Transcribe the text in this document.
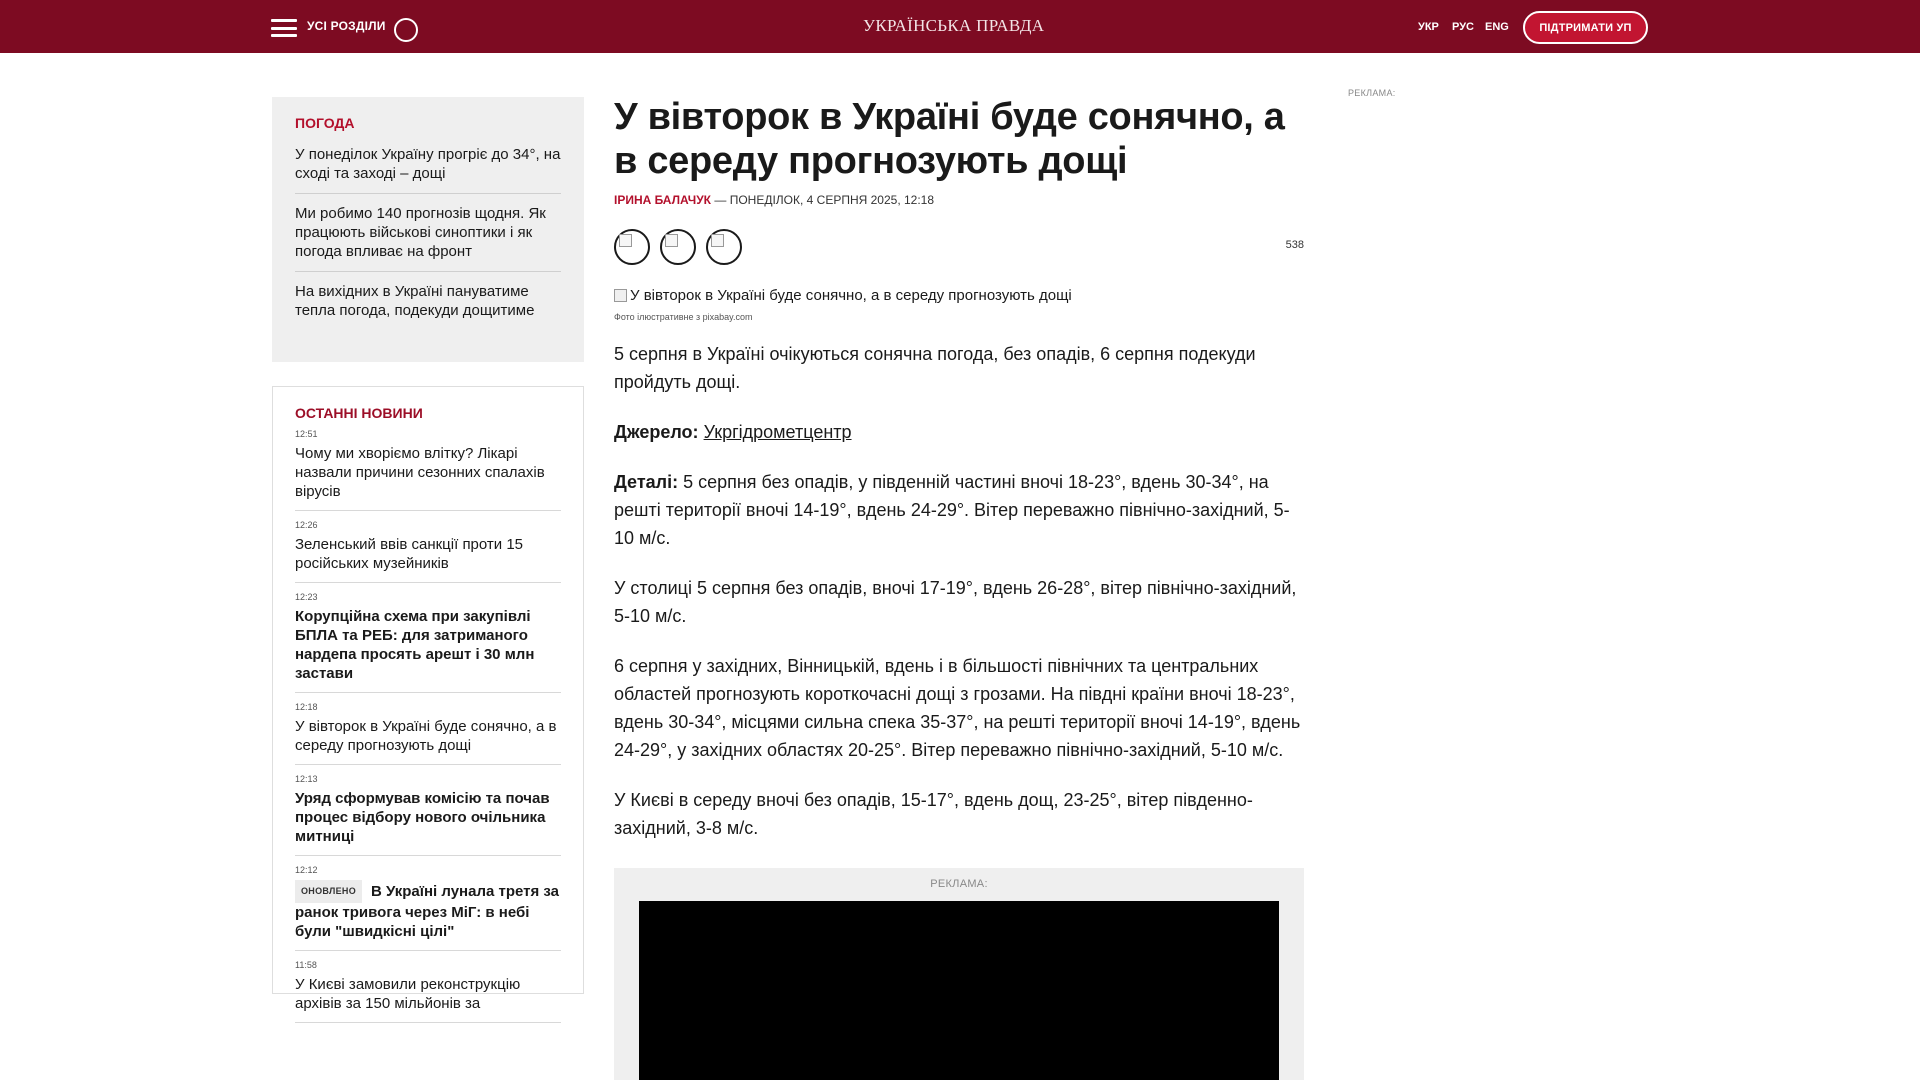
УСІ РОЗДІЛИ	УКРАЇНСЬКА ПРАВДА	УКР РУС ENG	ПІДТРИМАТИ УП
ПОГОДА
У понеділок Україну прогріє до 34°, на сході та заході – дощі
Ми робимо 140 прогнозів щодня. Як працюють військові синоптики і як погода впливає на фронт
На вихідних в Україні пануватиме тепла погода, подекуди дощитиме
ОСТАННІ НОВИНИ
12:51
Чому ми хворіємо влітку? Лікарі назвали причини сезонних спалахів вірусів
12:26
Зеленський ввів санкції проти 15 російських музейників
12:23
Корупційна схема при закупівлі БПЛА та РЕБ: для затриманого нардепа просять арешт і 30 млн застави
12:18
У вівторок в Україні буде сонячно, а в середу прогнозують дощі
12:13
Уряд сформував комісію та почав процес відбору нового очільника митниці
12:12
ОНОВЛЕНО В Україні лунала третя за ранок тривога через МіГ: в небі були "швидкісні цілі"
11:58
У Києві замовили реконструкцію архівів за 150 мільйонів за
У вівторок в Україні буде сонячно, а в середу прогнозують дощі
ІРИНА БАЛАЧУК — ПОНЕДІЛОК, 4 СЕРПНЯ 2025, 12:18
538
У вівторок в Україні буде сонячно, а в середу прогнозують дощі
Фото ілюстративне з pixabay.com

5 серпня в Україні очікуються сонячна погода, без опадів, 6 серпня подекуди пройдуть дощі.

Джерело: Укргідрометцентр

Деталі: 5 серпня без опадів, у південній частині вночі 18-23°, вдень 30-34°, на решті території вночі 14-19°, вдень 24-29°. Вітер переважно північно-західний, 5-10 м/с.

У столиці 5 серпня без опадів, вночі 17-19°, вдень 26-28°, вітер північно-західний, 5-10 м/с.

6 серпня у західних, Вінницькій, вдень і в більшості північних та центральних областей прогнозують короткочасні дощі з грозами. На півдні країни вночі 18-23°, вдень 30-34°, місцями сильна спека 35-37°, на решті території вночі 14-19°, вдень 24-29°, у західних областях 20-25°. Вітер переважно північно-західний, 5-10 м/с.

У Києві в середу вночі без опадів, 15-17°, вдень дощ, 23-25°, вітер південно-західний, 3-8 м/с.

РЕКЛАМА:
РЕКЛАМА:
